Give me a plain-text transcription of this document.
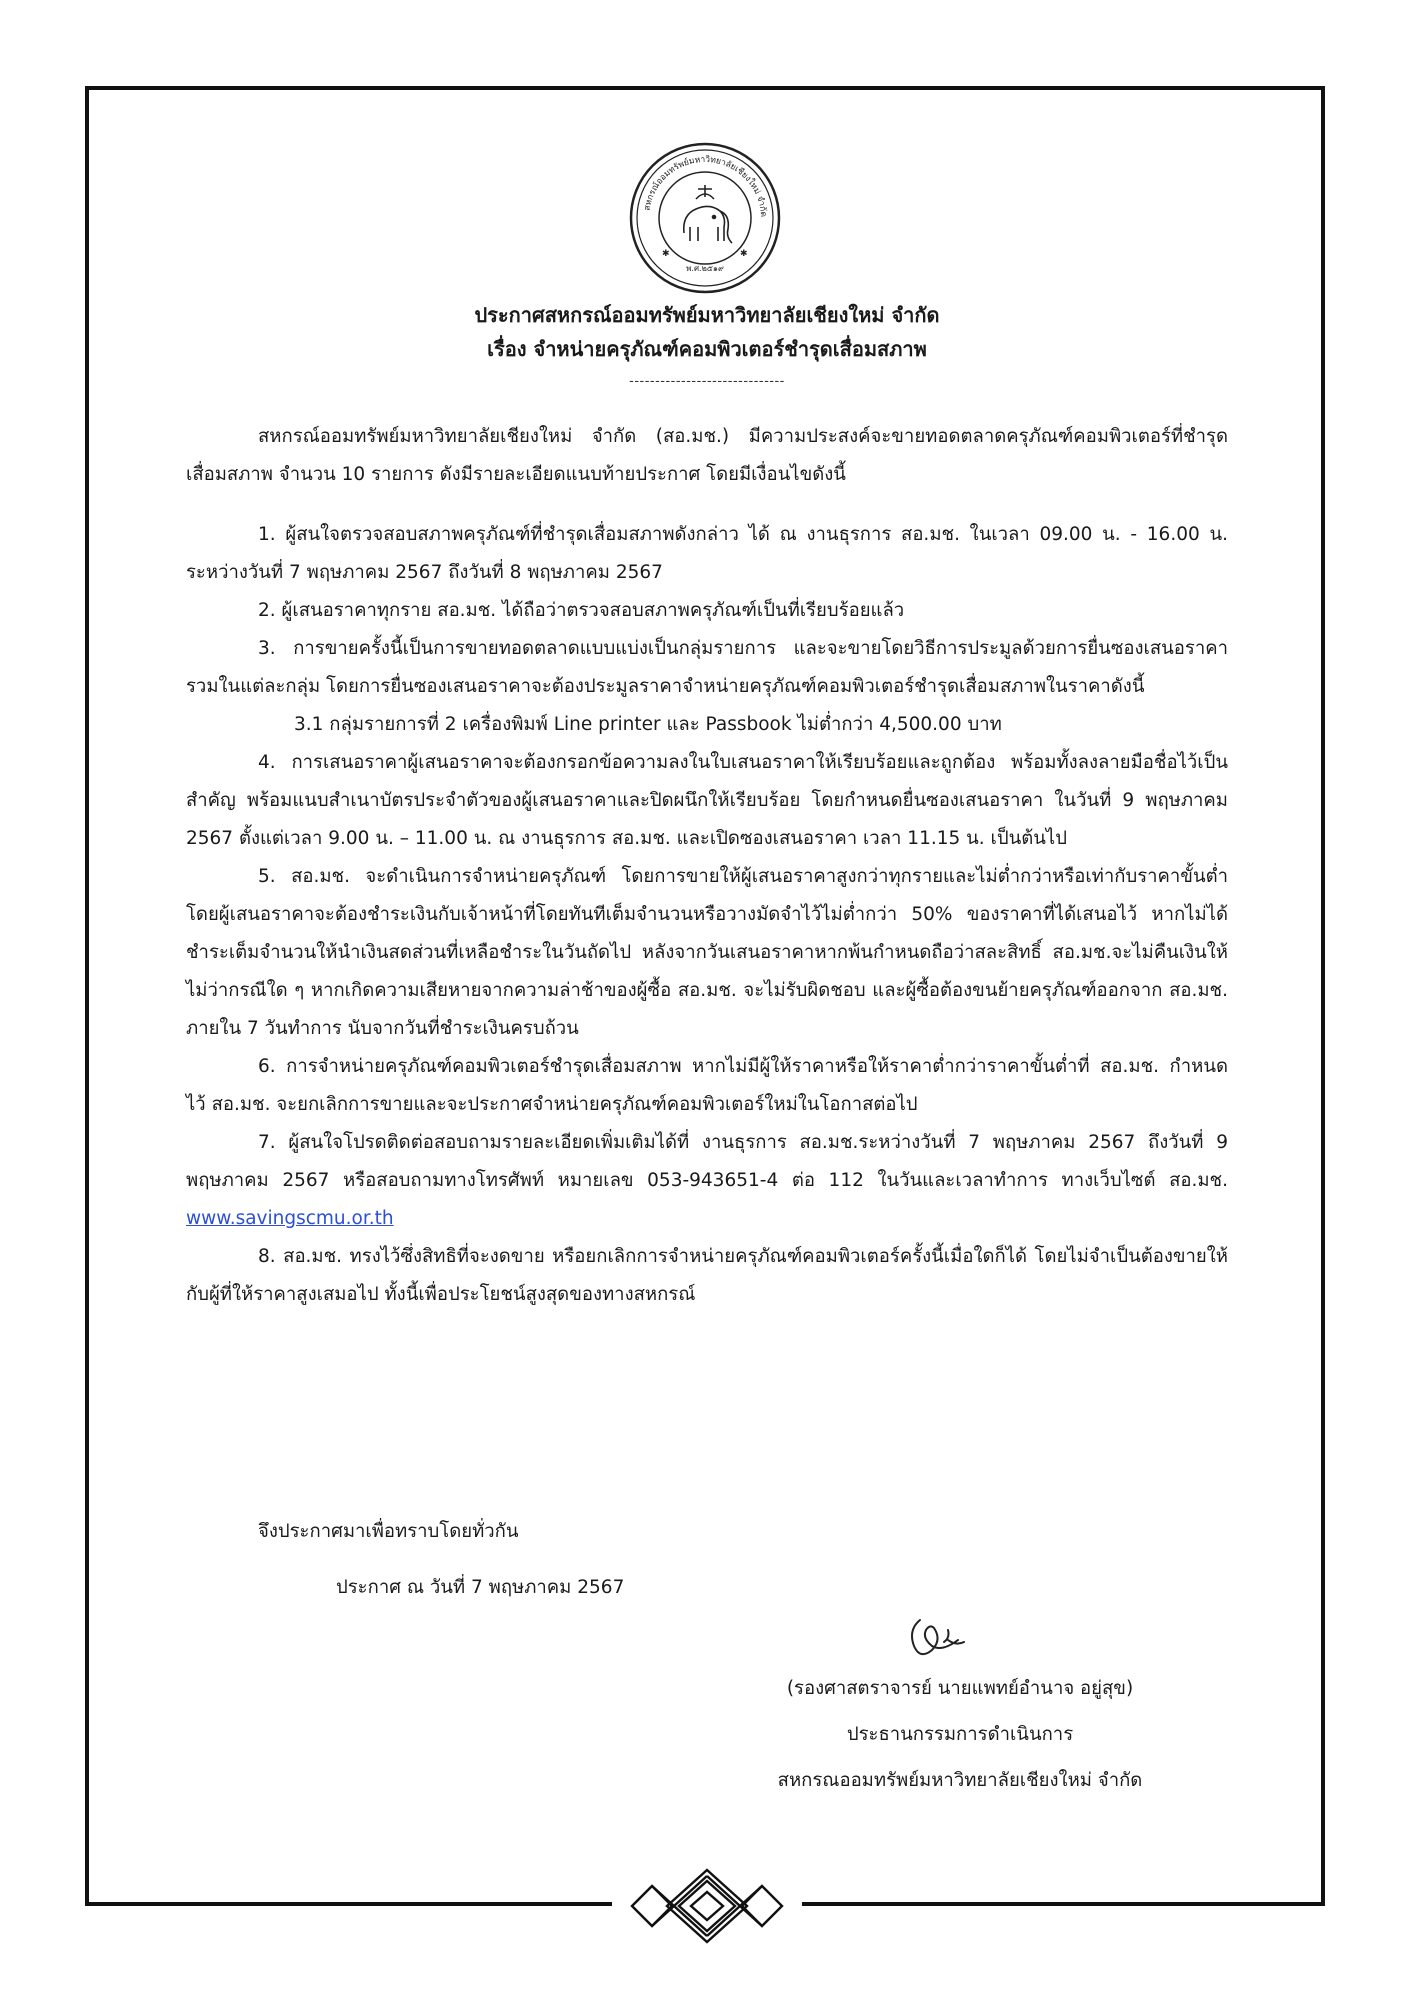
สหกรณ์ออมทรัพย์มหาวิทยาลัยเชียงใหม่ จำกัด
พ.ศ.๒๕๑๙
✱	✱
ประกาศสหกรณ์ออมทรัพย์มหาวิทยาลัยเชียงใหม่ จำกัด
เรื่อง จำหน่ายครุภัณฑ์คอมพิวเตอร์ชำรุดเสื่อมสภาพ
------------------------------

สหกรณ์ออมทรัพย์มหาวิทยาลัยเชียงใหม่ จำกัด (สอ.มช.) มีความประสงค์จะขายทอดตลาดครุภัณฑ์คอมพิวเตอร์ที่ชำรุด เสื่อมสภาพ จำนวน 10 รายการ ดังมีรายละเอียดแนบท้ายประกาศ โดยมีเงื่อนไขดังนี้

1. ผู้สนใจตรวจสอบสภาพครุภัณฑ์ที่ชำรุดเสื่อมสภาพดังกล่าว ได้ ณ งานธุรการ สอ.มช. ในเวลา 09.00 น. - 16.00 น. ระหว่างวันที่ 7 พฤษภาคม 2567 ถึงวันที่ 8 พฤษภาคม 2567

2. ผู้เสนอราคาทุกราย สอ.มช. ได้ถือว่าตรวจสอบสภาพครุภัณฑ์เป็นที่เรียบร้อยแล้ว

3. การขายครั้งนี้เป็นการขายทอดตลาดแบบแบ่งเป็นกลุ่มรายการ และจะขายโดยวิธีการประมูลด้วยการยื่นซองเสนอราคารวมในแต่ละกลุ่ม โดยการยื่นซองเสนอราคาจะต้องประมูลราคาจำหน่ายครุภัณฑ์คอมพิวเตอร์ชำรุดเสื่อมสภาพในราคาดังนี้

3.1 กลุ่มรายการที่ 2 เครื่องพิมพ์ Line printer และ Passbook ไม่ต่ำกว่า 4,500.00 บาท

4. การเสนอราคาผู้เสนอราคาจะต้องกรอกข้อความลงในใบเสนอราคาให้เรียบร้อยและถูกต้อง พร้อมทั้งลงลายมือชื่อไว้เป็นสำคัญ พร้อมแนบสำเนาบัตรประจำตัวของผู้เสนอราคาและปิดผนึกให้เรียบร้อย โดยกำหนดยื่นซองเสนอราคา ในวันที่ 9 พฤษภาคม 2567 ตั้งแต่เวลา 9.00 น. – 11.00 น. ณ งานธุรการ สอ.มช. และเปิดซองเสนอราคา เวลา 11.15 น. เป็นต้นไป

5. สอ.มช. จะดำเนินการจำหน่ายครุภัณฑ์ โดยการขายให้ผู้เสนอราคาสูงกว่าทุกรายและไม่ต่ำกว่าหรือเท่ากับราคาขั้นต่ำ โดยผู้เสนอราคาจะต้องชำระเงินกับเจ้าหน้าที่โดยทันทีเต็มจำนวนหรือวางมัดจำไว้ไม่ต่ำกว่า 50% ของราคาที่ได้เสนอไว้ หากไม่ได้ชำระเต็มจำนวนให้นำเงินสดส่วนที่เหลือชำระในวันถัดไป หลังจากวันเสนอราคาหากพ้นกำหนดถือว่าสละสิทธิ์ สอ.มช.จะไม่คืนเงินให้ไม่ว่ากรณีใด ๆ หากเกิดความเสียหายจากความล่าช้าของผู้ซื้อ สอ.มช. จะไม่รับผิดชอบ และผู้ซื้อต้องขนย้ายครุภัณฑ์ออกจาก สอ.มช. ภายใน 7 วันทำการ นับจากวันที่ชำระเงินครบถ้วน

6. การจำหน่ายครุภัณฑ์คอมพิวเตอร์ชำรุดเสื่อมสภาพ หากไม่มีผู้ให้ราคาหรือให้ราคาต่ำกว่าราคาขั้นต่ำที่ สอ.มช. กำหนดไว้ สอ.มช. จะยกเลิกการขายและจะประกาศจำหน่ายครุภัณฑ์คอมพิวเตอร์ใหม่ในโอกาสต่อไป

7. ผู้สนใจโปรดติดต่อสอบถามรายละเอียดเพิ่มเติมได้ที่ งานธุรการ สอ.มช.ระหว่างวันที่ 7 พฤษภาคม 2567 ถึงวันที่ 9 พฤษภาคม 2567 หรือสอบถามทางโทรศัพท์ หมายเลข 053-943651-4 ต่อ 112 ในวันและเวลาทำการ ทางเว็บไซต์ สอ.มช. www.savingscmu.or.th

8. สอ.มช. ทรงไว้ซึ่งสิทธิที่จะงดขาย หรือยกเลิกการจำหน่ายครุภัณฑ์คอมพิวเตอร์ครั้งนี้เมื่อใดก็ได้ โดยไม่จำเป็นต้องขายให้กับผู้ที่ให้ราคาสูงเสมอไป ทั้งนี้เพื่อประโยชน์สูงสุดของทางสหกรณ์

จึงประกาศมาเพื่อทราบโดยทั่วกัน
ประกาศ ณ วันที่ 7 พฤษภาคม 2567
(รองศาสตราจารย์ นายแพทย์อำนาจ อยู่สุข)
ประธานกรรมการดำเนินการ
สหกรณออมทรัพย์มหาวิทยาลัยเชียงใหม่ จำกัด
